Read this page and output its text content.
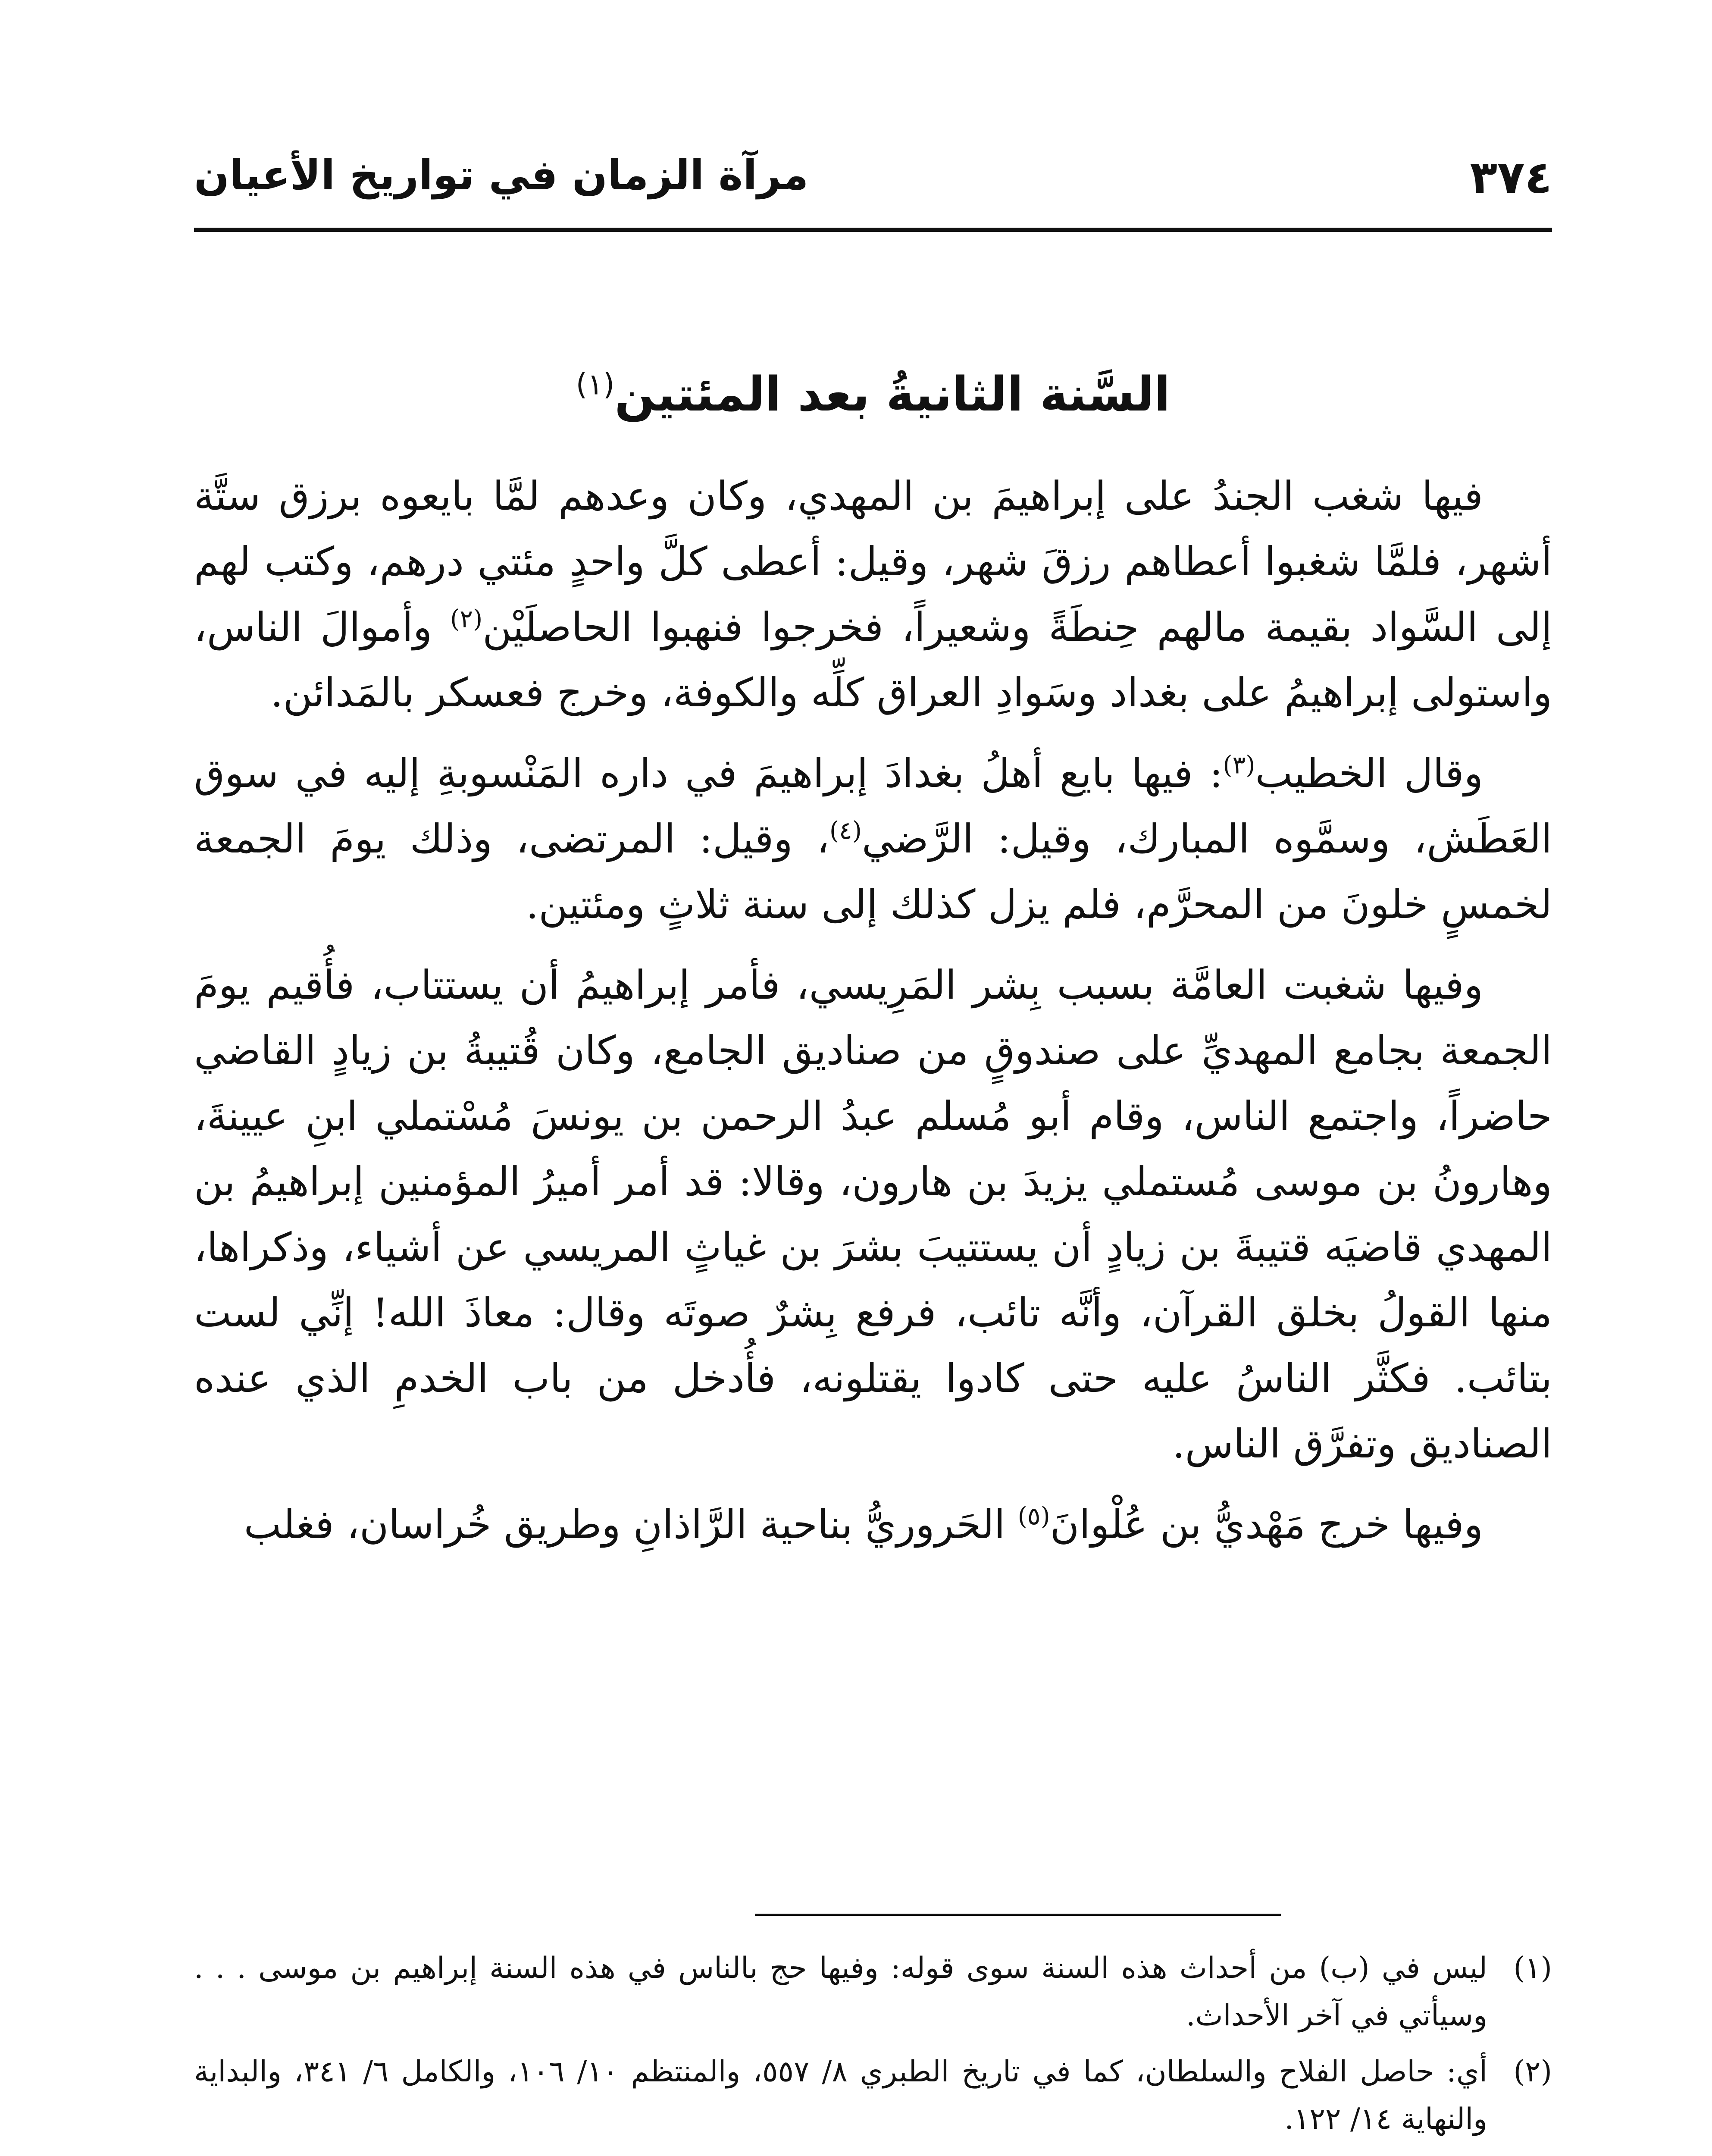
٣٧٤
مرآة الزمان في تواريخ الأعيان
السَّنة الثانيةُ بعد المئتين$^{(١)}$

فيها شغب الجندُ على إبراهيمَ بن المهدي، وكان وعدهم لمَّا بايعوه برزق ستَّة أشهر، فلمَّا شغبوا أعطاهم رزقَ شهر، وقيل: أعطى كلَّ واحدٍ مئتي درهم، وكتب لهم إلى السَّواد بقيمة مالهم حِنطَةً وشعيراً، فخرجوا فنهبوا الحاصلَيْن$^{(٢)}$ وأموالَ الناس، واستولى إبراهيمُ على بغداد وسَوادِ العراق كلِّه والكوفة، وخرج فعسكر بالمَدائن.

وقال الخطيب$^{(٣)}$: فيها بايع أهلُ بغدادَ إبراهيمَ في داره المَنْسوبةِ إليه في سوق العَطَش، وسمَّوه المبارك، وقيل: الرَّضي$^{(٤)}$، وقيل: المرتضى، وذلك يومَ الجمعة لخمسٍ خلونَ من المحرَّم، فلم يزل كذلك إلى سنة ثلاثٍ ومئتين.

وفيها شغبت العامَّة بسبب بِشر المَرِيسي، فأمر إبراهيمُ أن يستتاب، فأُقيم يومَ الجمعة بجامع المهديِّ على صندوقٍ من صناديق الجامع، وكان قُتيبةُ بن زيادٍ القاضي حاضراً، واجتمع الناس، وقام أبو مُسلم عبدُ الرحمن بن يونسَ مُسْتملي ابنِ عيينةَ، وهارونُ بن موسى مُستملي يزيدَ بن هارون، وقالا: قد أمر أميرُ المؤمنين إبراهيمُ بن المهدي قاضيَه قتيبةَ بن زيادٍ أن يستتيبَ بشرَ بن غياثٍ المريسي عن أشياء، وذكراها، منها القولُ بخلق القرآن، وأنَّه تائب، فرفع بِشرٌ صوتَه وقال: معاذَ الله! إنِّي لست بتائب. فكثَّر الناسُ عليه حتى كادوا يقتلونه، فأُدخل من باب الخدمِ الذي عنده الصناديق وتفرَّق الناس.

وفيها خرج مَهْديُّ بن عُلْوانَ$^{(٥)}$ الحَروريُّ بناحية الرَّاذانِ وطريق خُراسان، فغلب

(١)
ليس في (ب) من أحداث هذه السنة سوى قوله: وفيها حج بالناس في هذه السنة إبراهيم بن موسى . . . وسيأتي في آخر الأحداث.
(٢)
أي: حاصل الفلاح والسلطان، كما في تاريخ الطبري ٨/ ٥٥٧، والمنتظم ١٠/ ١٠٦، والكامل ٦/ ٣٤١، والبداية والنهاية ١٤/ ١٢٢.
